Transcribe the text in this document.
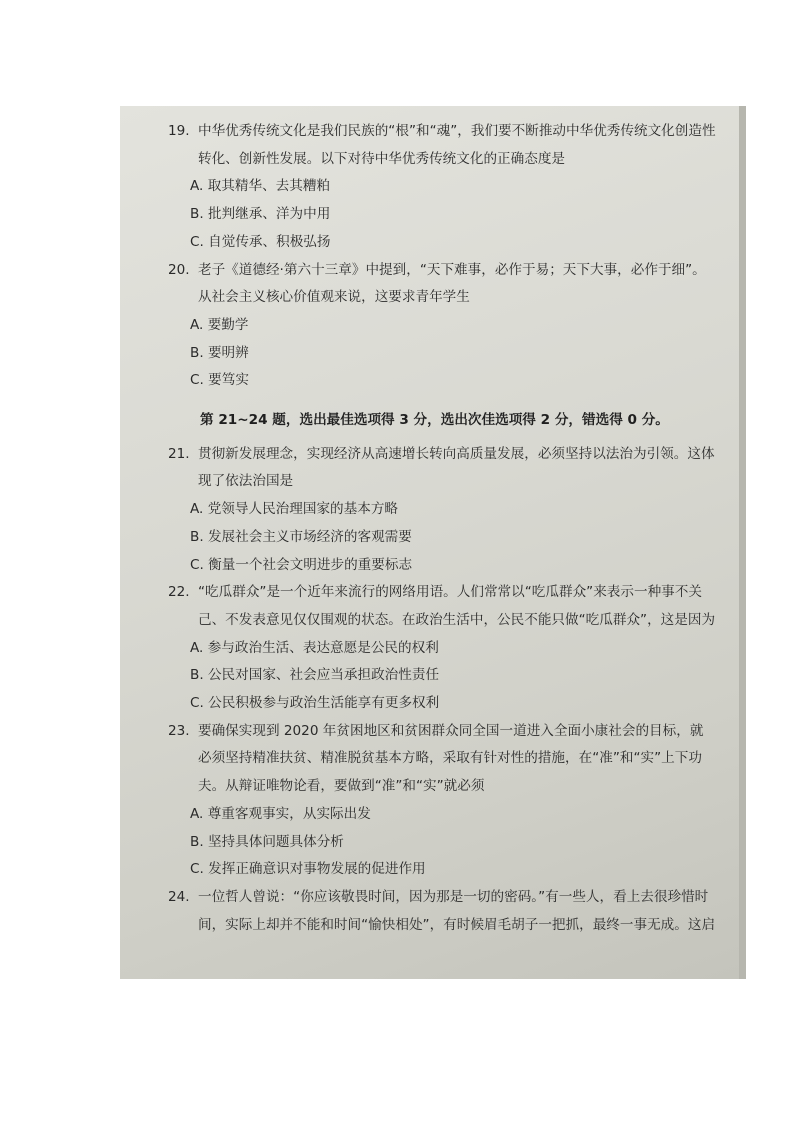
19. 中华优秀传统文化是我们民族的“根”和“魂”，我们要不断推动中华优秀传统文化创造性转化、创新性发展。以下对待中华优秀传统文化的正确态度是
A. 取其精华、去其糟粕
B. 批判继承、洋为中用
C. 自觉传承、积极弘扬
20. 老子《道德经·第六十三章》中提到，“天下难事，必作于易；天下大事，必作于细”。从社会主义核心价值观来说，这要求青年学生
A. 要勤学
B. 要明辨
C. 要笃实
第 21~24 题，选出最佳选项得 3 分，选出次佳选项得 2 分，错选得 0 分。
21. 贯彻新发展理念，实现经济从高速增长转向高质量发展，必须坚持以法治为引领。这体现了依法治国是
A. 党领导人民治理国家的基本方略
B. 发展社会主义市场经济的客观需要
C. 衡量一个社会文明进步的重要标志
22. “吃瓜群众”是一个近年来流行的网络用语。人们常常以“吃瓜群众”来表示一种事不关己、不发表意见仅仅围观的状态。在政治生活中，公民不能只做“吃瓜群众”，这是因为
A. 参与政治生活、表达意愿是公民的权利
B. 公民对国家、社会应当承担政治性责任
C. 公民积极参与政治生活能享有更多权利
23. 要确保实现到 2020 年贫困地区和贫困群众同全国一道进入全面小康社会的目标，就必须坚持精准扶贫、精准脱贫基本方略，采取有针对性的措施，在“准”和“实”上下功夫。从辩证唯物论看，要做到“准”和“实”就必须
A. 尊重客观事实，从实际出发
B. 坚持具体问题具体分析
C. 发挥正确意识对事物发展的促进作用
24. 一位哲人曾说：“你应该敬畏时间，因为那是一切的密码。”有一些人，看上去很珍惜时间，实际上却并不能和时间“愉快相处”，有时候眉毛胡子一把抓，最终一事无成。这启
